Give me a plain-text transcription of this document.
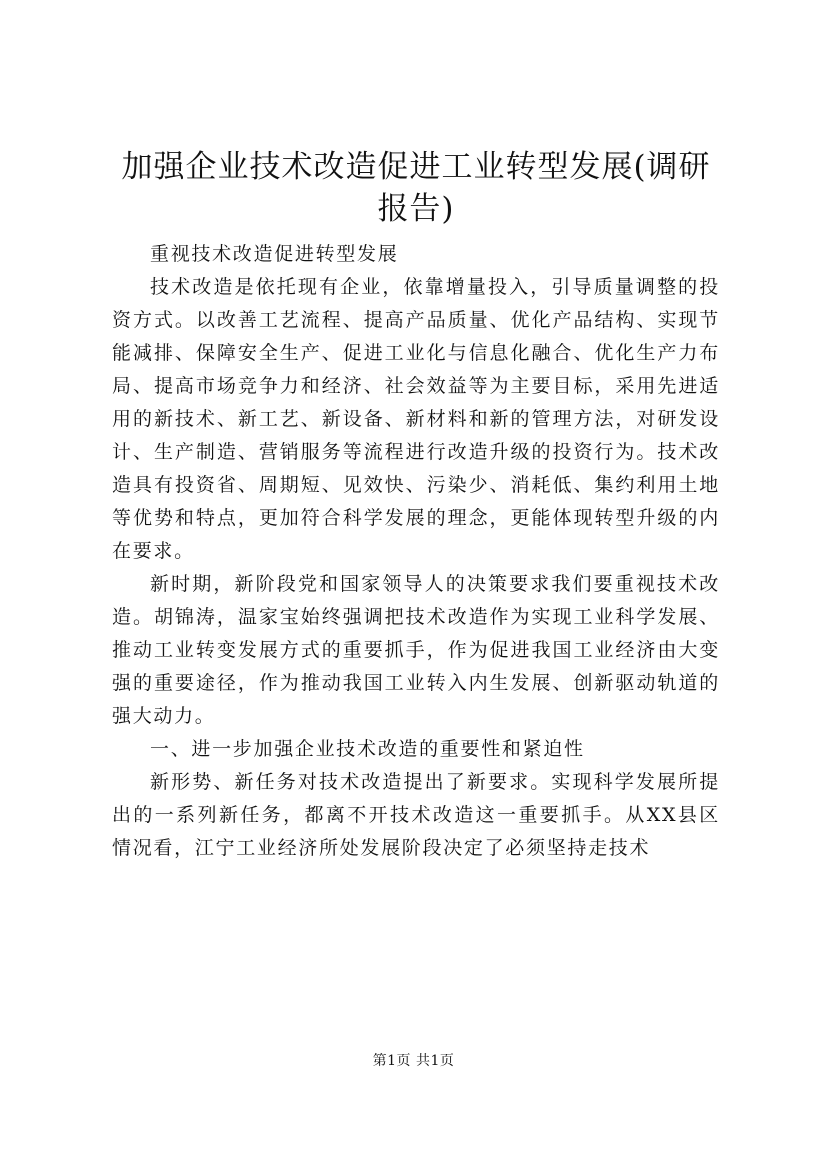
加强企业技术改造促进工业转型发展(调研报告)

重视技术改造促进转型发展

技术改造是依托现有企业，依靠增量投入，引导质量调整的投资方式。以改善工艺流程、提高产品质量、优化产品结构、实现节能减排、保障安全生产、促进工业化与信息化融合、优化生产力布局、提高市场竞争力和经济、社会效益等为主要目标，采用先进适用的新技术、新工艺、新设备、新材料和新的管理方法，对研发设计、生产制造、营销服务等流程进行改造升级的投资行为。技术改造具有投资省、周期短、见效快、污染少、消耗低、集约利用土地等优势和特点，更加符合科学发展的理念，更能体现转型升级的内在要求。

新时期，新阶段党和国家领导人的决策要求我们要重视技术改造。胡锦涛，温家宝始终强调把技术改造作为实现工业科学发展、推动工业转变发展方式的重要抓手，作为促进我国工业经济由大变强的重要途径，作为推动我国工业转入内生发展、创新驱动轨道的强大动力。

一、进一步加强企业技术改造的重要性和紧迫性

新形势、新任务对技术改造提出了新要求。实现科学发展所提出的一系列新任务，都离不开技术改造这一重要抓手。从XX县区情况看，江宁工业经济所处发展阶段决定了必须坚持走技术

第1页 共1页
